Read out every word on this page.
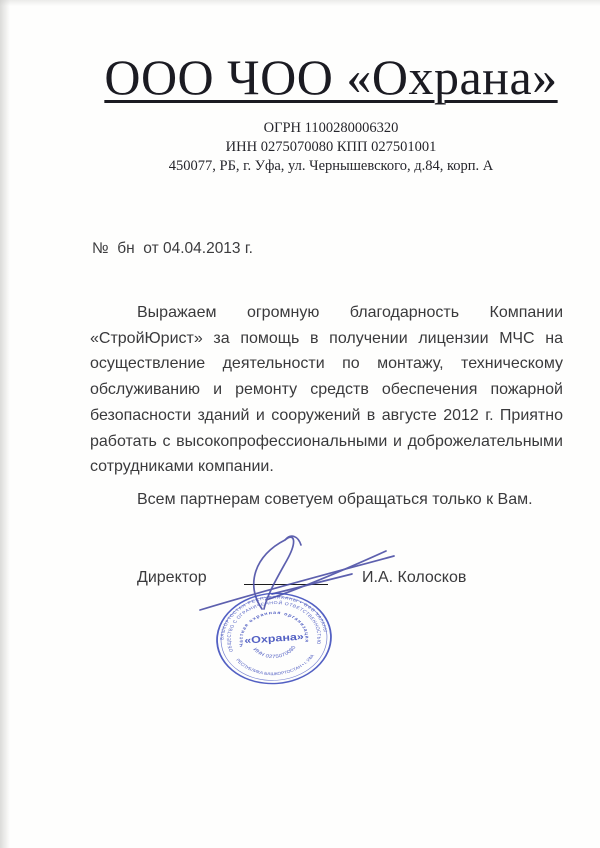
ООО ЧОО «Охрана»
ОГРН 1100280006320
ИНН 0275070080 КПП 027501001
450077, РБ, г. Уфа, ул. Чернышевского, д.84, корп. А
№  бн  от 04.04.2013 г.
Выражаем огромную благодарность Компании
«СтройЮрист» за помощь в получении лицензии МЧС на
осуществление деятельности по монтажу, техническому
обслуживанию и ремонту средств обеспечения пожарной
безопасности зданий и сооружений в августе 2012 г. Приятно
работать с высокопрофессиональными и доброжелательными
сотрудниками компании.
Всем партнерам советуем обращаться только к Вам.
Директор	И.А. Колосков
БАШКОРТОСТАН РЕСПУБЛИКАҺЫ • ӨФӨ ҠАЛАҺЫ
РЕСПУБЛИКА БАШКОРТОСТАН • г. УФА
ОБЩЕСТВО С ОГРАНИЧЕННОЙ ОТВЕТСТВЕННОСТЬЮ
Частная охранная организация
«Охрана»
ИНН 0275070080
